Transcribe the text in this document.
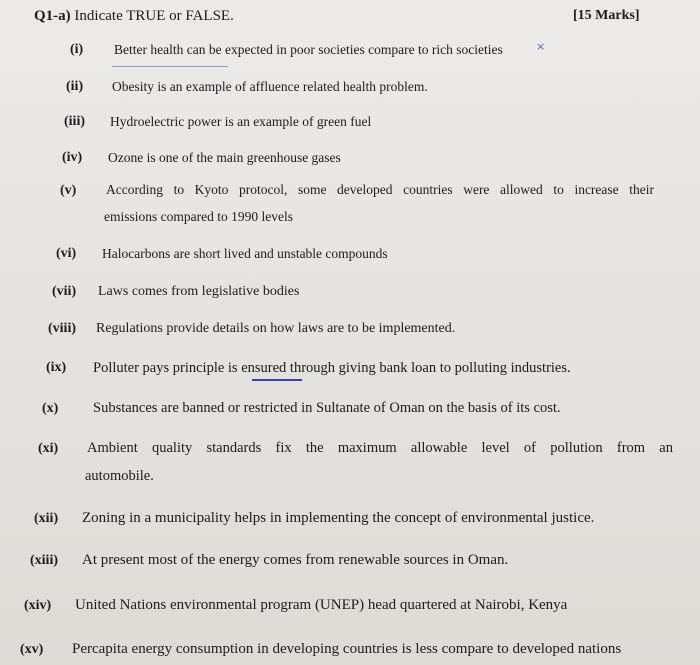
Q1-a) Indicate TRUE or FALSE.	[15 Marks]
(i) Better health can be expected in poor societies compare to rich societies	×
(ii) Obesity is an example of affluence related health problem.
(iii) Hydroelectric power is an example of green fuel
(iv) Ozone is one of the main greenhouse gases
(v) According to Kyoto protocol, some developed countries were allowed to increase their
emissions compared to 1990 levels
(vi) Halocarbons are short lived and unstable compounds
(vii) Laws comes from legislative bodies
(viii) Regulations provide details on how laws are to be implemented.
(ix) Polluter pays principle is ensured through giving bank loan to polluting industries.
(x) Substances are banned or restricted in Sultanate of Oman on the basis of its cost.
(xi) Ambient quality standards fix the maximum allowable level of pollution from an
automobile.
(xii) Zoning in a municipality helps in implementing the concept of environmental justice.
(xiii) At present most of the energy comes from renewable sources in Oman.
(xiv) United Nations environmental program (UNEP) head quartered at Nairobi, Kenya
(xv) Percapita energy consumption in developing countries is less compare to developed nations
